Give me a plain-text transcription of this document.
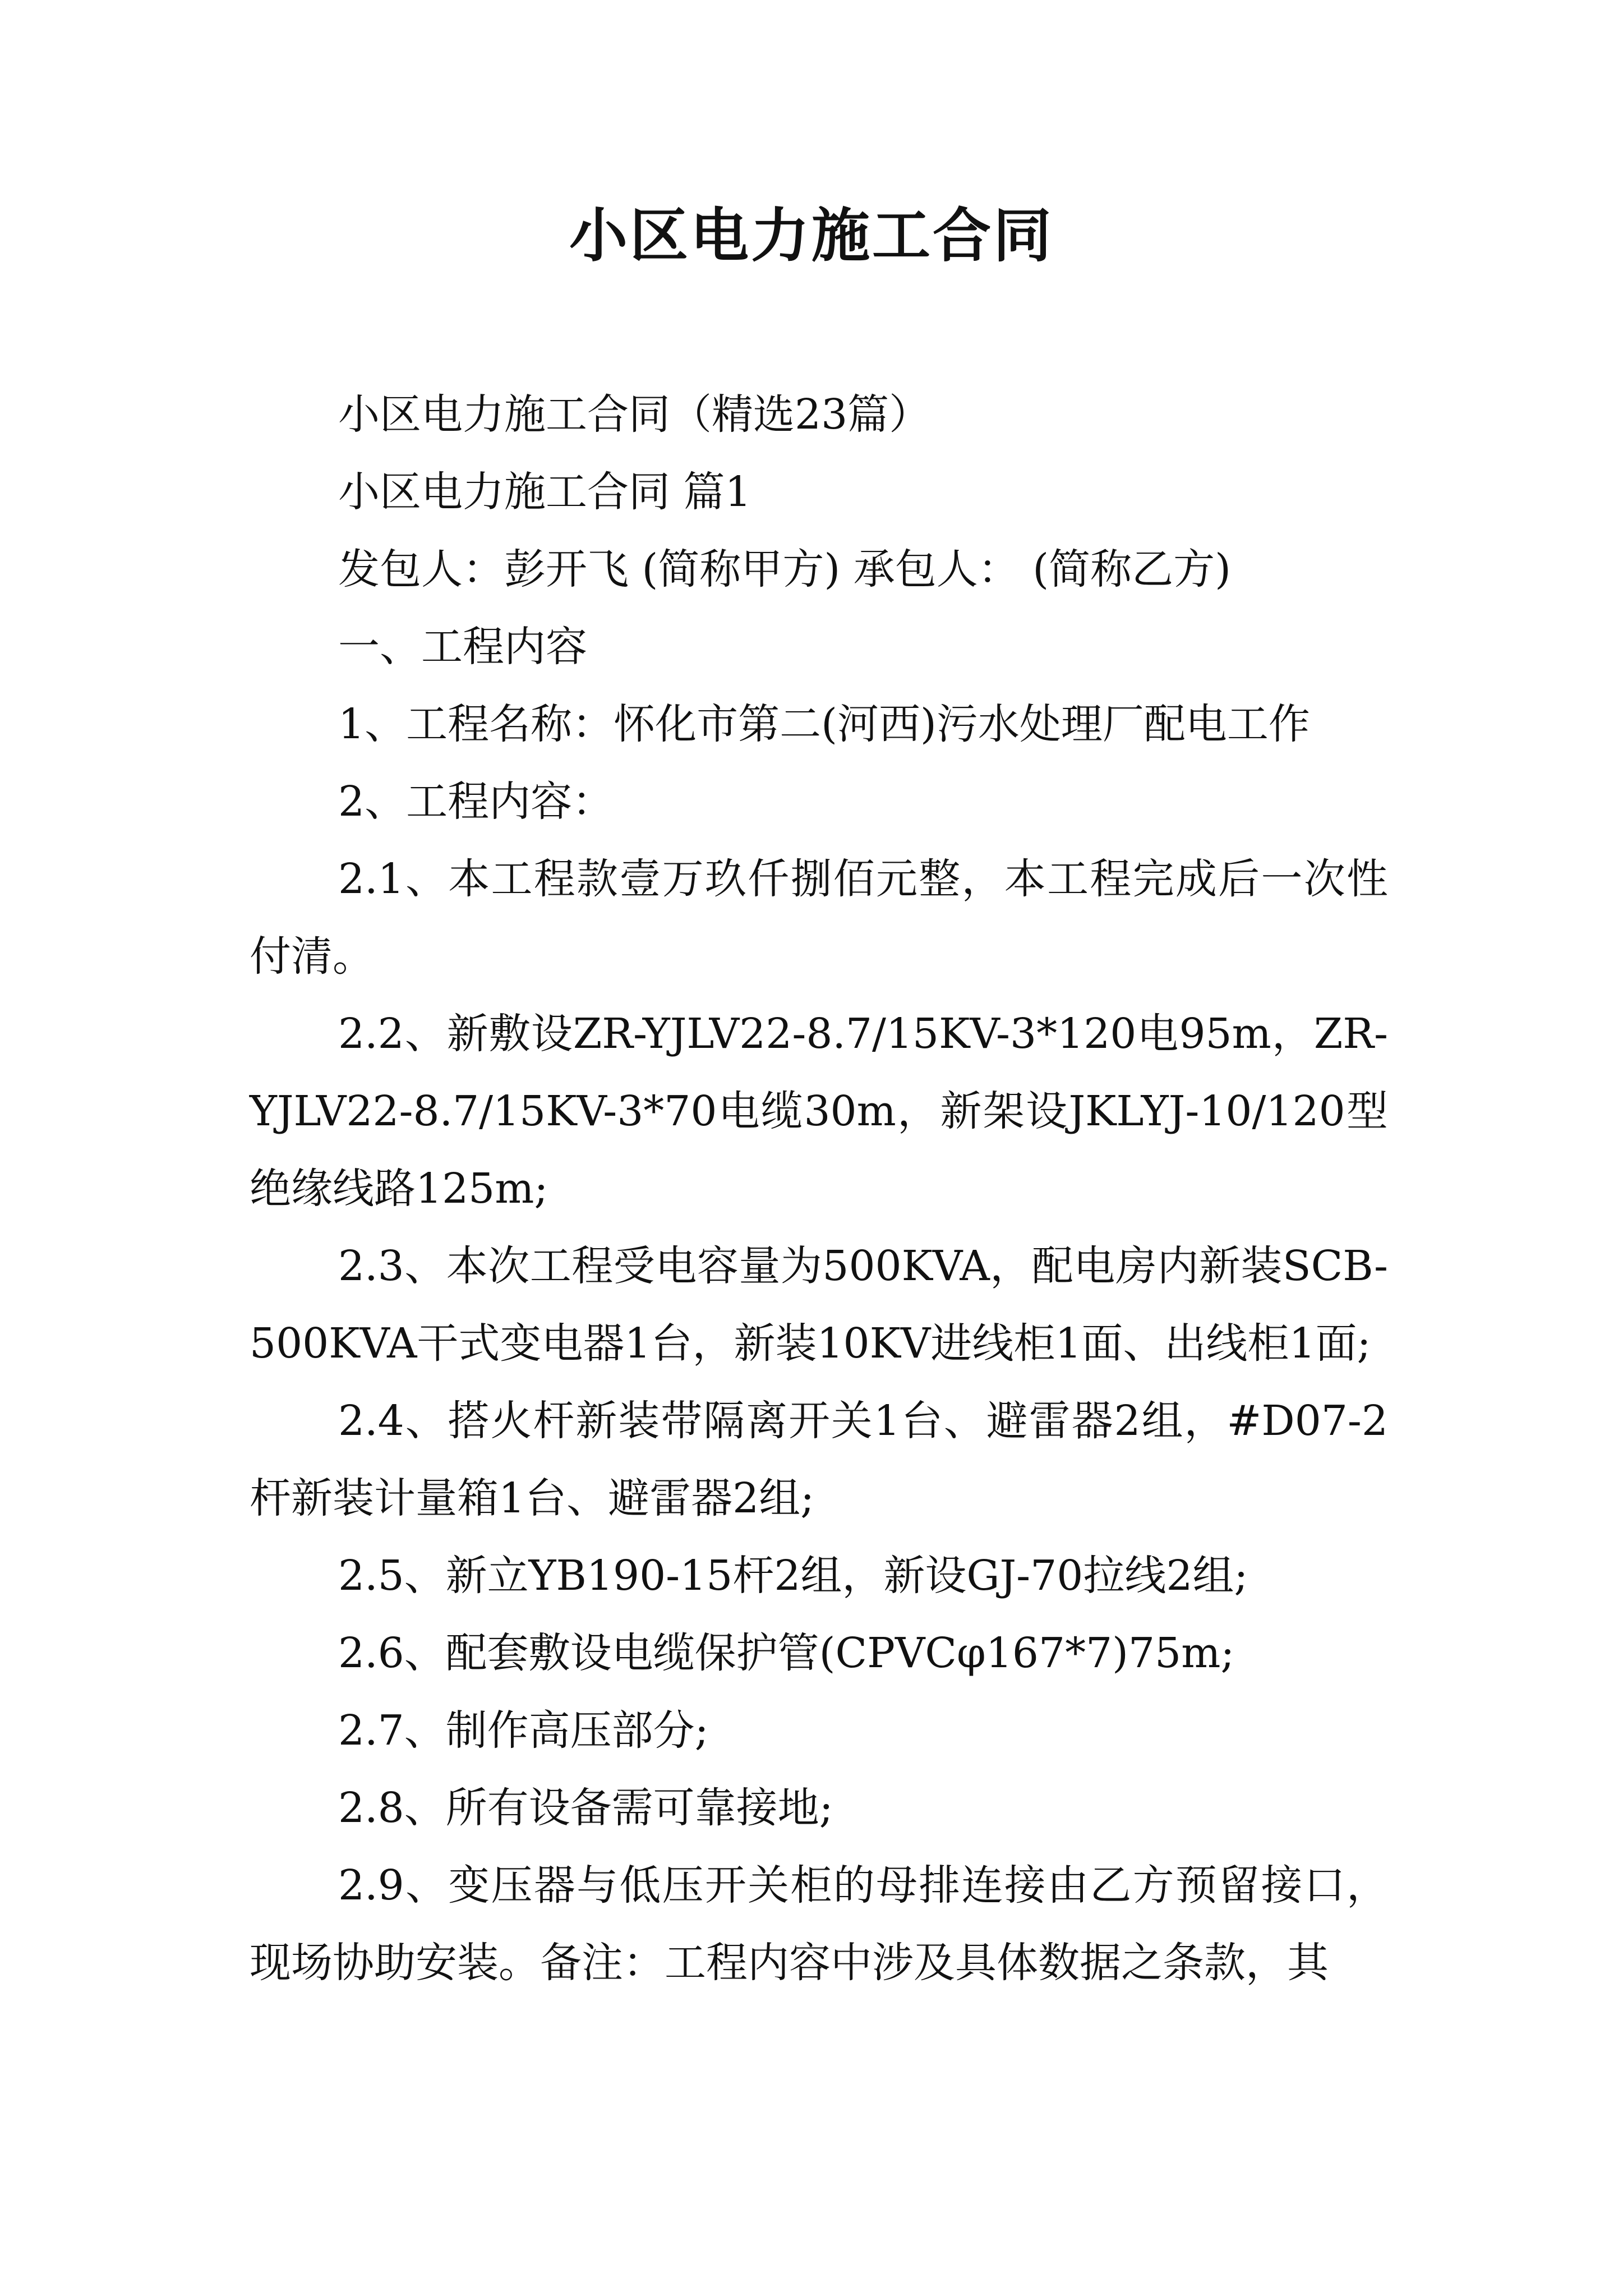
小区电力施工合同

小区电力施工合同（精选23篇）

小区电力施工合同 篇1

发包人：彭开飞 (简称甲方) 承包人： (简称乙方)

一、工程内容

1、工程名称：怀化市第二(河西)污水处理厂配电工作

2、工程内容：

2.1、本工程款壹万玖仟捌佰元整，本工程完成后一次性付清。

2.2、新敷设ZR-YJLV22-8.7/15KV-3*120电95m，ZR-YJLV22-8.7/15KV-3*70电缆30m，新架设JKLYJ-10/120型绝缘线路125m;

2.3、本次工程受电容量为500KVA，配电房内新装SCB-500KVA干式变电器1台，新装10KV进线柜1面、出线柜1面;

2.4、搭火杆新装带隔离开关1台、避雷器2组，#D07-2杆新装计量箱1台、避雷器2组;

2.5、新立YB190-15杆2组，新设GJ-70拉线2组;

2.6、配套敷设电缆保护管(CPVCφ167*7)75m;

2.7、制作高压部分;

2.8、所有设备需可靠接地;

2.9、变压器与低压开关柜的母排连接由乙方预留接口，现场协助安装。备注：工程内容中涉及具体数据之条款，其
